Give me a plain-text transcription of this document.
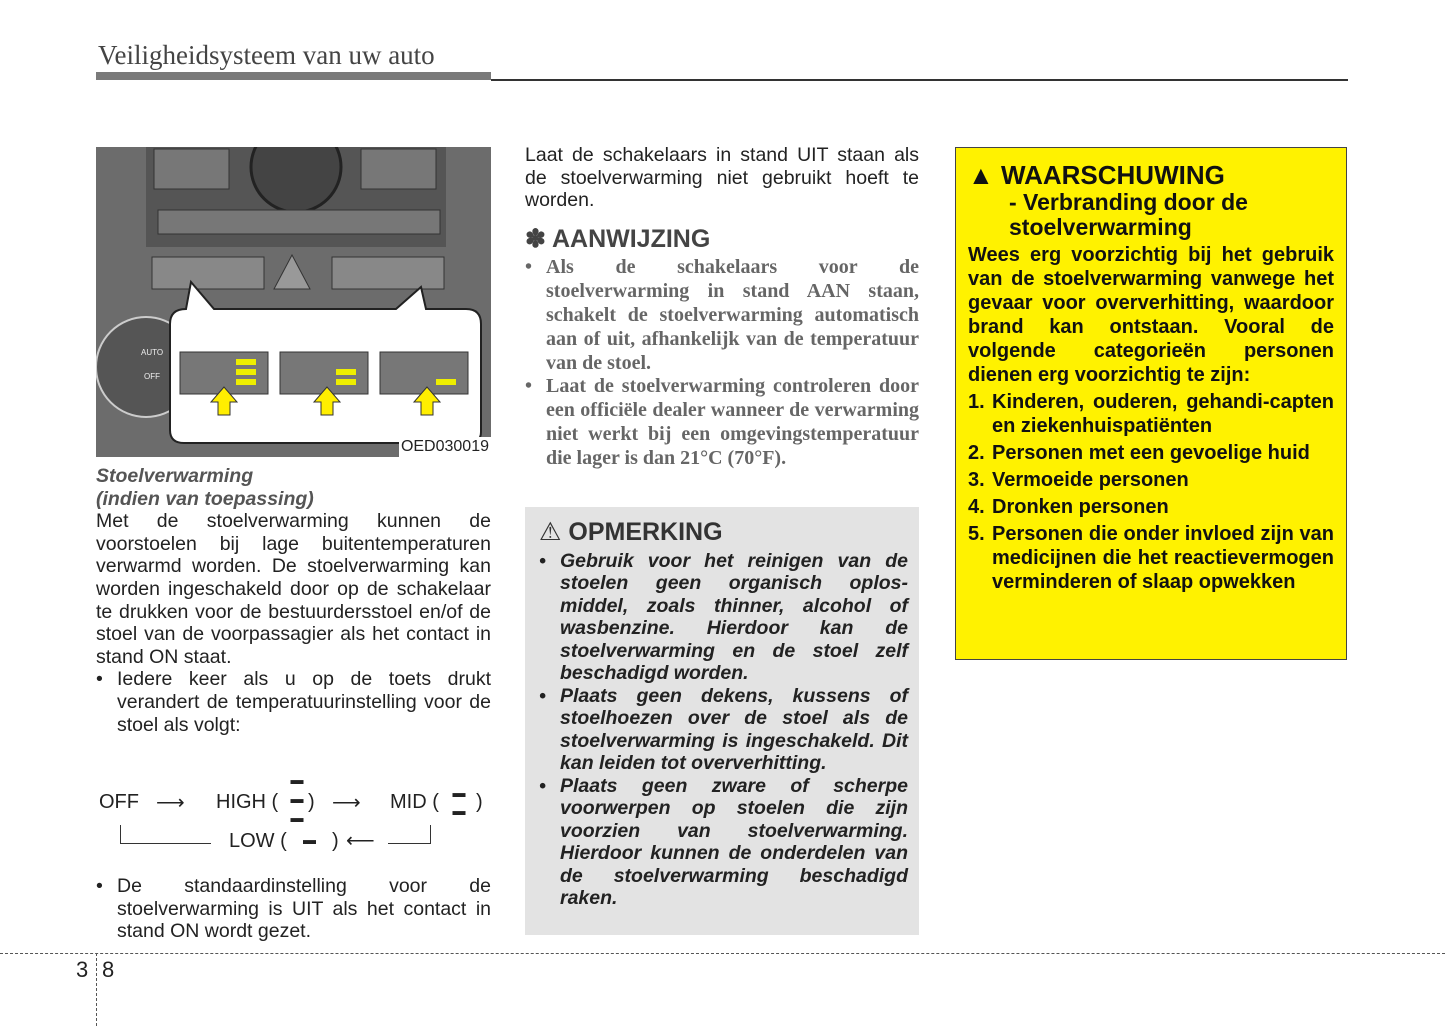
Veiligheidsysteem van uw auto
AUTO
OFF
OED030019
Stoelverwarming
(indien van toepassing)
Met de stoelverwarming kunnen de voorstoelen bij lage buitentemperaturen verwarmd worden. De stoelverwarming kan worden ingeschakeld door op de schakelaar te drukken voor de bestuurdersstoel en/of de stoel van de voorpassagier als het contact in stand ON staat.
• Iedere keer als u op de toets drukt verandert de temperatuurinstelling voor de stoel als volgt:
OFF ⟶ HIGH (
▬
▬
▬
) ⟶ MID ( ▬
▬ )
LOW ( ▬ ) ⟵
• De standaardinstelling voor de stoelverwarming is UIT als het contact in stand ON wordt gezet.
Laat de schakelaars in stand UIT staan als de stoelverwarming niet gebruikt hoeft te worden.
✽ AANWIJZING
• Als de schakelaars voor de stoelverwarming in stand AAN staan, schakelt de stoelverwarming automatisch aan of uit, afhankelijk van de temperatuur van de stoel.
• Laat de stoelverwarming controleren door een officiële dealer wanneer de verwarming niet werkt bij een omgevingstemperatuur die lager is dan 21°C (70°F).
⚠ OPMERKING
• Gebruik voor het reinigen van de stoelen geen organisch oplos-middel, zoals thinner, alcohol of wasbenzine. Hierdoor kan de stoelverwarming en de stoel zelf beschadigd worden.
• Plaats geen dekens, kussens of stoelhoezen over de stoel als de stoelverwarming is ingeschakeld. Dit kan leiden tot oververhitting.
• Plaats geen zware of scherpe voorwerpen op stoelen die zijn voorzien van stoelverwarming. Hierdoor kunnen de onderdelen van de stoelverwarming beschadigd raken.
▲ WAARSCHUWING
- Verbranding door de stoelverwarming
Wees erg voorzichtig bij het gebruik van de stoelverwarming vanwege het gevaar voor oververhitting, waardoor brand kan ontstaan. Vooral de volgende categorieën personen dienen erg voorzichtig te zijn:
1. Kinderen, ouderen, gehandi-capten en ziekenhuispatiënten
2. Personen met een gevoelige huid
3. Vermoeide personen
4. Dronken personen
5. Personen die onder invloed zijn van medicijnen die het reactievermogen verminderen of slaap opwekken
3 8
